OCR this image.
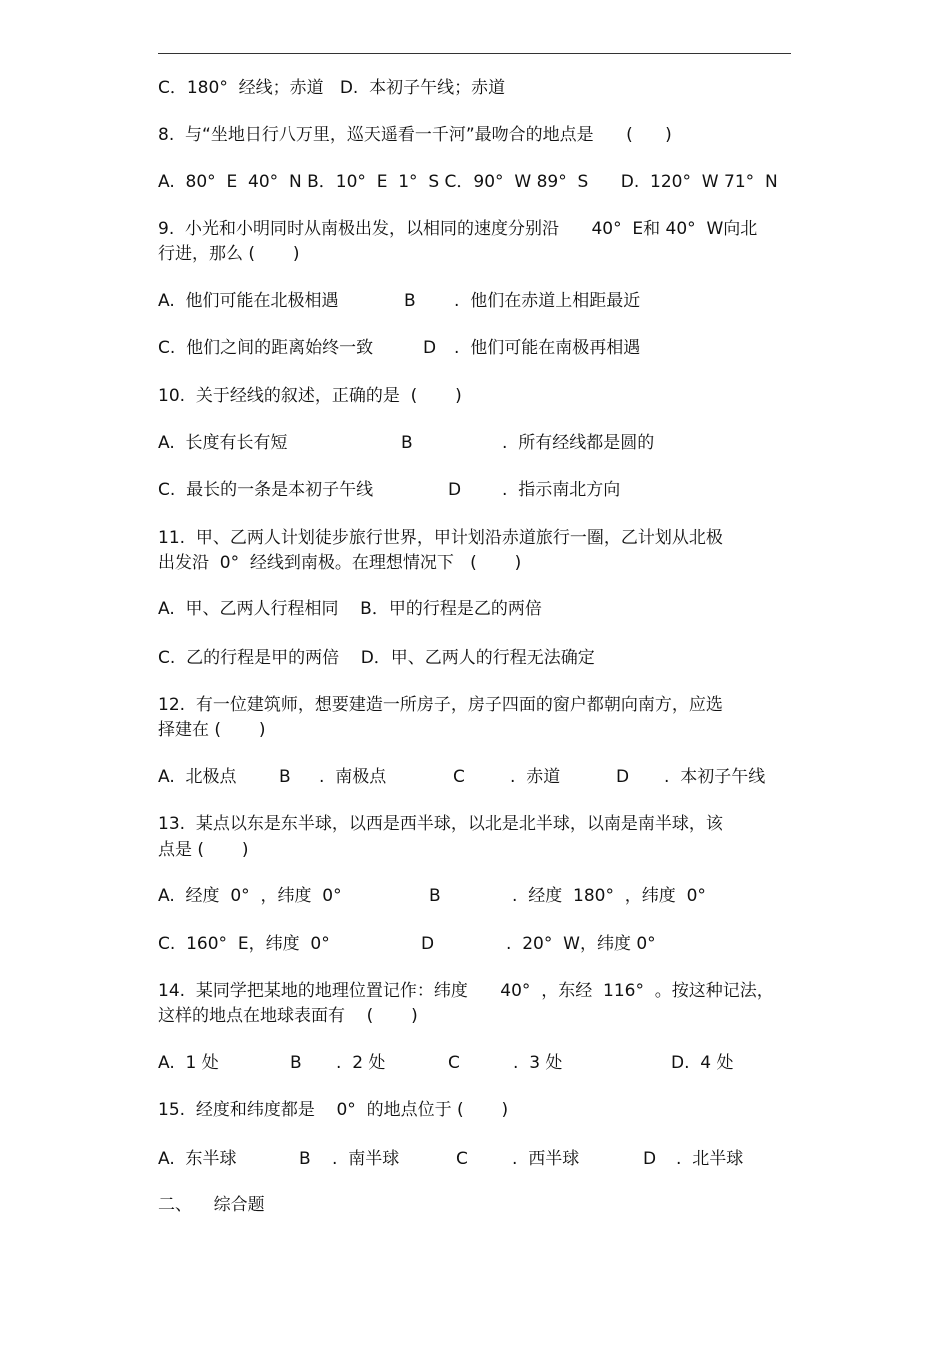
C．180°  经线；赤道   D.  本初子午线；赤道
8.  与“坐地日行八万里，巡天遥看一千河”最吻合的地点是      (      )
A.  80°  E  40°  N B．10°  E  1°  S C．90°  W 89°  S      D.  120°  W 71°  N
9.  小光和小明同时从南极出发，以相同的速度分别沿      40°  E和 40°  W向北
行进，那么 (       )

A.  他们可能在北极相遇

	B

.  他们在赤道上相距最近

C.  他们之间的距离始终一致

	D

.  他们可能在南极再相遇

10.  关于经线的叙述，正确的是  (       )

A.  长度有长有短

	B

	.  所有经线都是圆的

C.  最长的一条是本初子午线

	D

.  指示南北方向

11.  甲、乙两人计划徒步旅行世界，甲计划沿赤道旅行一圈，乙计划从北极
出发沿  0°  经线到南极。在理想情况下   (       )
A.  甲、乙两人行程相同    B．甲的行程是乙的两倍
C.  乙的行程是甲的两倍    D．甲、乙两人的行程无法确定
12.  有一位建筑师，想要建造一所房子，房子四面的窗户都朝向南方，应选
择建在 (       )

A.  北极点

B

.  南极点

	C

	.  赤道

	D

.  本初子午线

13.  某点以东是东半球，以西是西半球，以北是北半球，以南是南半球，该
点是 (       )

A.  经度  0°  ，纬度  0°

	B

	.  经度  180°  ，纬度  0°

C.  160°  E，纬度  0°

	D

	.  20°  W，纬度 0°

14.  某同学把某地的地理位置记作：纬度      40°  ，东经  116°  。按这种记法，
这样的地点在地球表面有    (       )

A.  1 处

	B

.  2 处

	C

	.  3 处

	D.  4 处

15.  经度和纬度都是    0°  的地点位于 (       )

A.  东半球

	B

.  南半球

	C

	.  西半球

	D

.  北半球

二、    综合题
